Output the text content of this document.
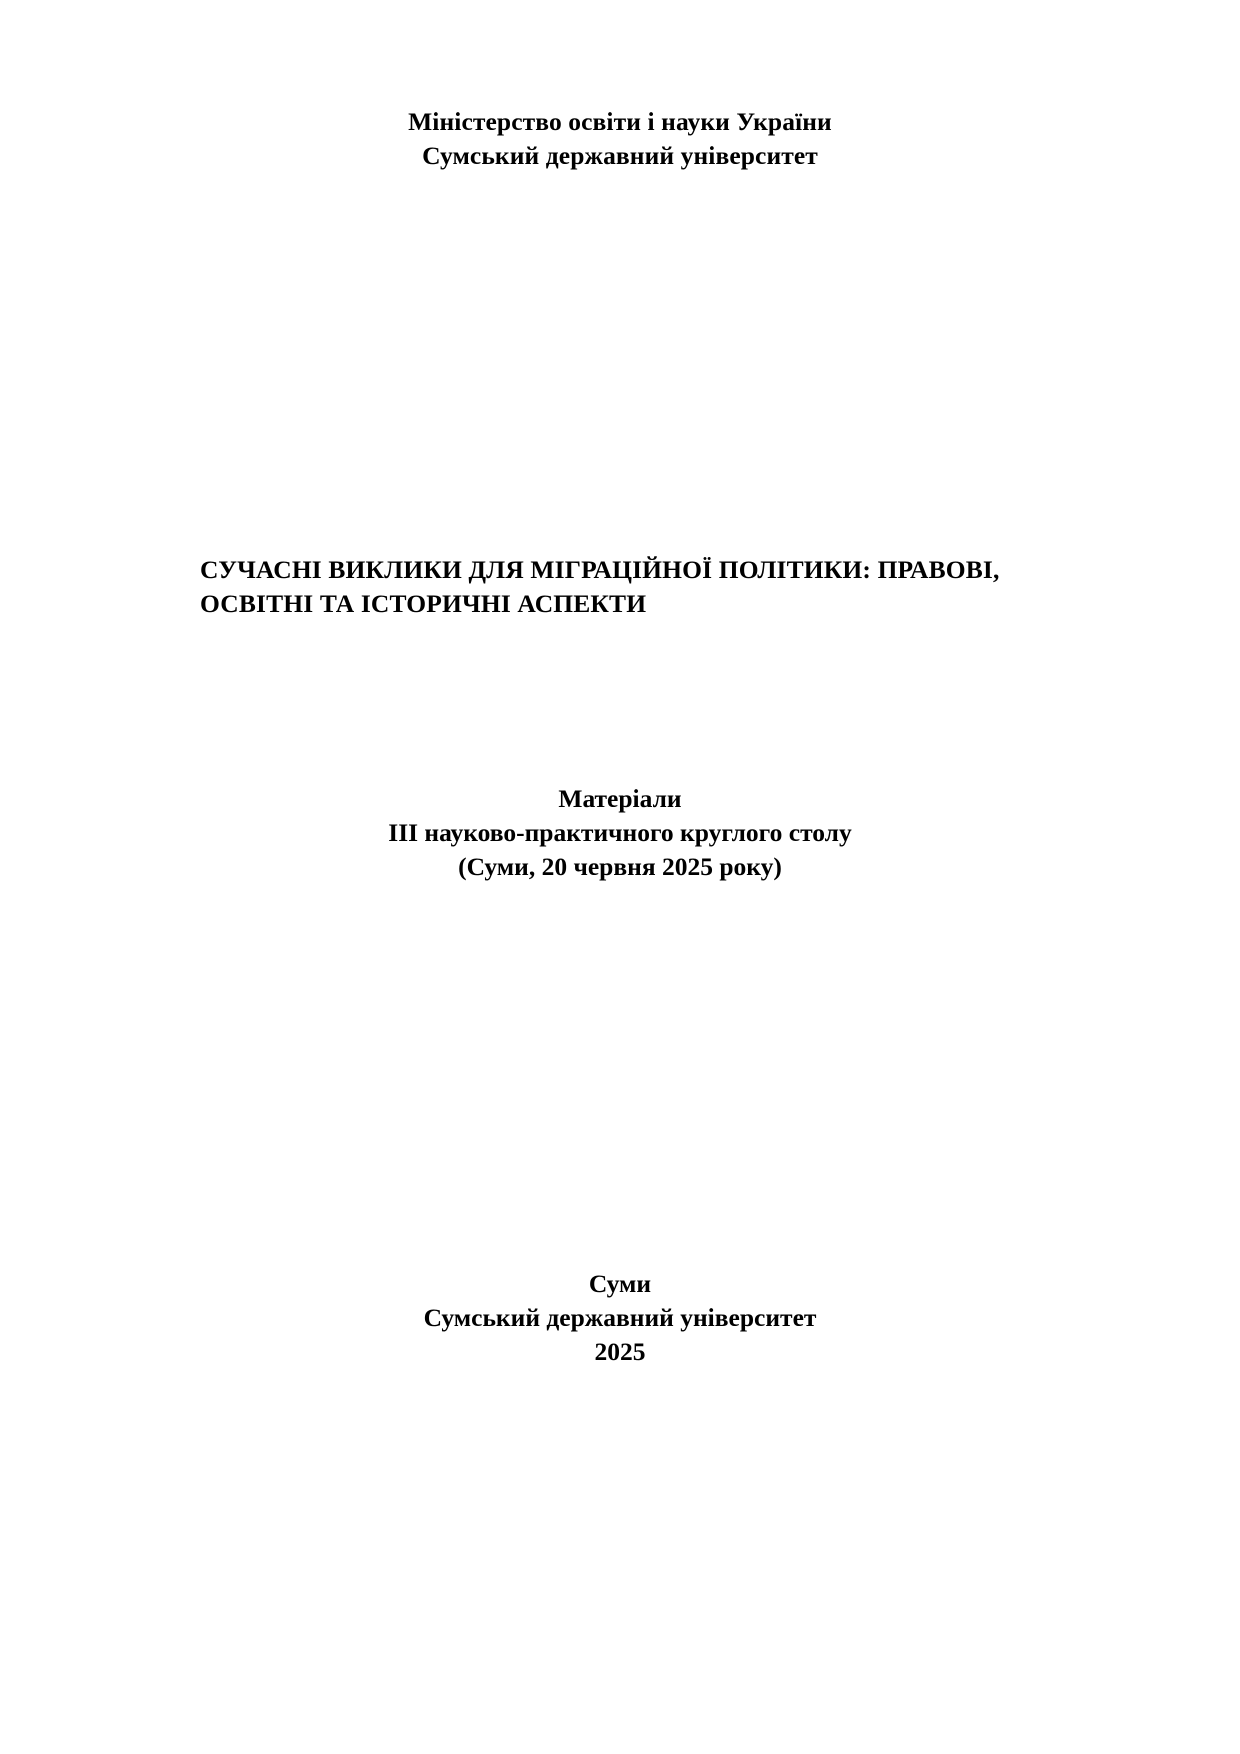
Міністерство освіти і науки України
Сумський державний університет
СУЧАСНІ ВИКЛИКИ ДЛЯ МІГРАЦІЙНОЇ ПОЛІТИКИ: ПРАВОВІ,
ОСВІТНІ ТА ІСТОРИЧНІ АСПЕКТИ
Матеріали
III науково-практичного круглого столу
(Суми, 20 червня 2025 року)
Суми
Сумський державний університет
2025
